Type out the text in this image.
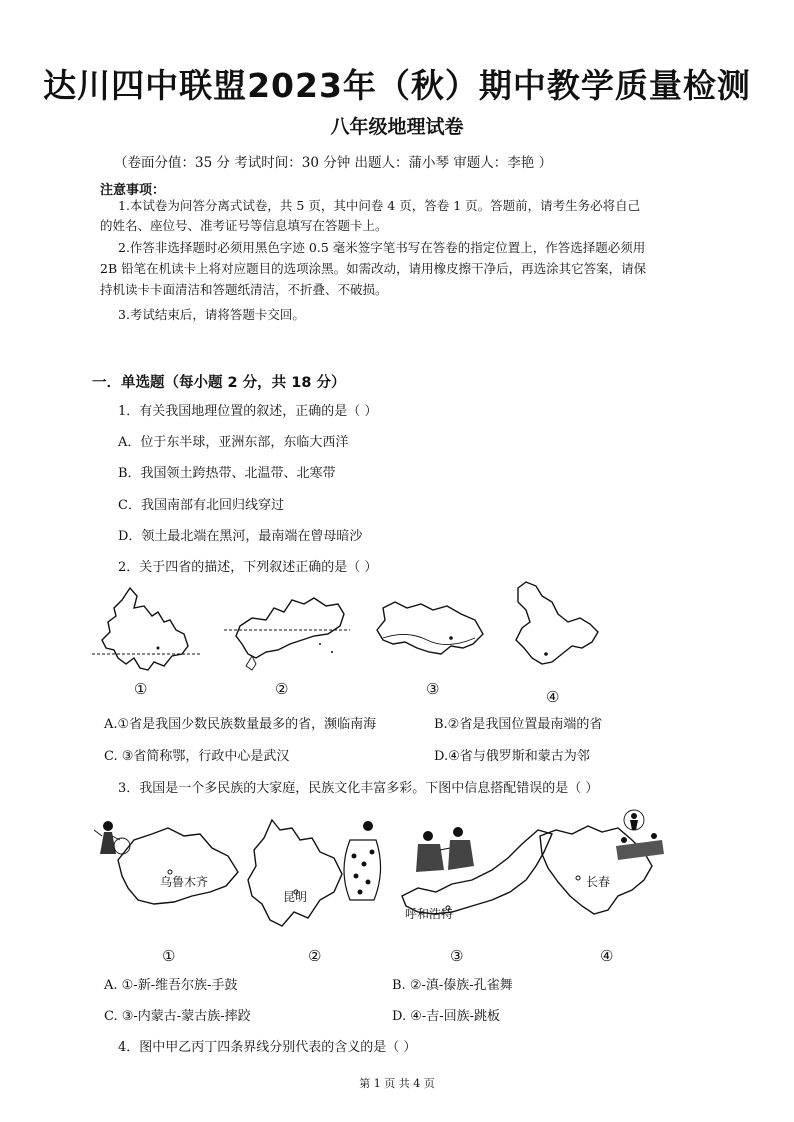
达川四中联盟2023年（秋）期中教学质量检测
八年级地理试卷
（卷面分值：35 分 考试时间：30 分钟 出题人：蒲小琴 审题人：李艳 ）
注意事项：
1.本试卷为问答分离式试卷，共 5 页，其中问卷 4 页，答卷 1 页。答题前，请考生务必将自己
的姓名、座位号、准考证号等信息填写在答题卡上。
2.作答非选择题时必须用黑色字迹 0.5 毫米签字笔书写在答卷的指定位置上，作答选择题必须用
2B 铅笔在机读卡上将对应题目的选项涂黑。如需改动，请用橡皮擦干净后，再选涂其它答案，请保
持机读卡卡面清洁和答题纸清洁，不折叠、不破损。
3.考试结束后，请将答题卡交回。
一．单选题（每小题 2 分，共 18 分）
1．有关我国地理位置的叙述，正确的是（ ）
A．位于东半球，亚洲东部，东临大西洋
B．我国领土跨热带、北温带、北寒带
C．我国南部有北回归线穿过
D．领土最北端在黑河，最南端在曾母暗沙
2．关于四省的描述，下列叙述正确的是（ ）
①	②	③	④
A.①省是我国少数民族数量最多的省，濒临南海	B.②省是我国位置最南端的省
C. ③省简称鄂，行政中心是武汉	D.④省与俄罗斯和蒙古为邻
3．我国是一个多民族的大家庭，民族文化丰富多彩。下图中信息搭配错误的是（ ）
乌鲁木齐
昆明
呼和浩特
长春
①	②	③	④
A. ①-新-维吾尔族-手鼓	B. ②-滇-傣族-孔雀舞
C. ③-内蒙古-蒙古族-摔跤	D. ④-吉-回族-跳板
4．图中甲乙丙丁四条界线分别代表的含义的是（ ）
第 1 页 共 4 页
